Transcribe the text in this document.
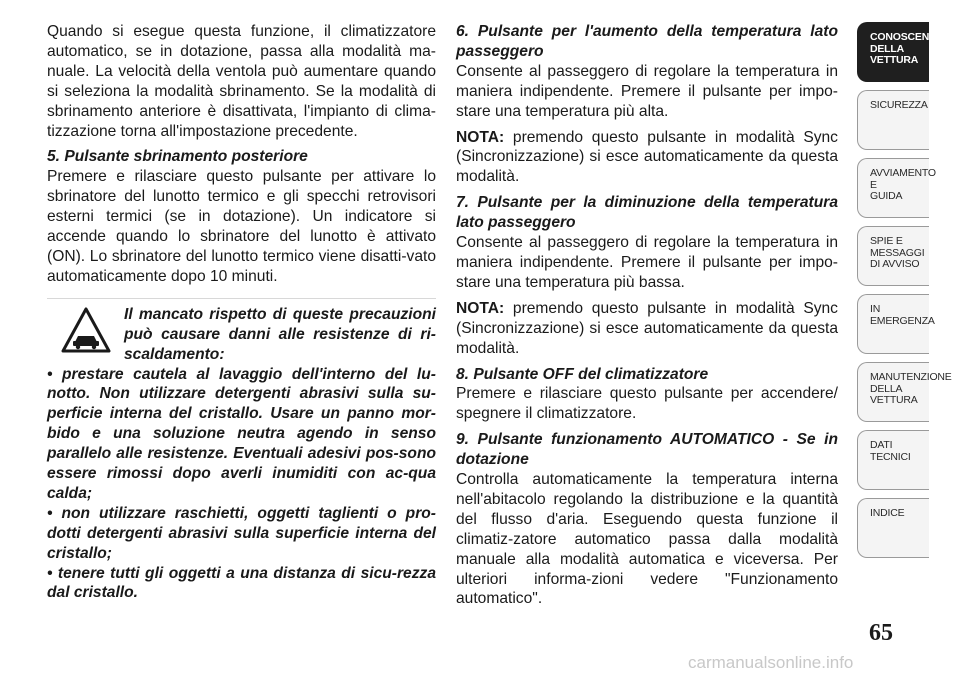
Quando si esegue questa funzione, il climatizzatore automatico, se in dotazione, passa alla modalità ma-nuale. La velocità della ventola può aumentare quando si seleziona la modalità sbrinamento. Se la modalità di sbrinamento anteriore è disattivata, l'impianto di clima-tizzazione torna all'impostazione precedente.

5. Pulsante sbrinamento posteriore

Premere e rilasciare questo pulsante per attivare lo sbrinatore del lunotto termico e gli specchi retrovisori esterni termici (se in dotazione). Un indicatore si accende quando lo sbrinatore del lunotto è attivato (ON). Lo sbrinatore del lunotto termico viene disatti-vato automaticamente dopo 10 minuti.

Il mancato rispetto di queste precauzioni può causare danni alle resistenze di ri-scaldamento:

• prestare cautela al lavaggio dell'interno del lu-notto. Non utilizzare detergenti abrasivi sulla su-perficie interna del cristallo. Usare un panno mor-bido e una soluzione neutra agendo in senso parallelo alle resistenze. Eventuali adesivi pos-sono essere rimossi dopo averli inumiditi con ac-qua calda;

• non utilizzare raschietti, oggetti taglienti o pro-dotti detergenti abrasivi sulla superficie interna del cristallo;

• tenere tutti gli oggetti a una distanza di sicu-rezza dal cristallo.

6. Pulsante per l'aumento della temperatura lato passeggero

Consente al passeggero di regolare la temperatura in maniera indipendente. Premere il pulsante per impo-stare una temperatura più alta.

NOTA: premendo questo pulsante in modalità Sync (Sincronizzazione) si esce automaticamente da questa modalità.

7. Pulsante per la diminuzione della temperatura lato passeggero

Consente al passeggero di regolare la temperatura in maniera indipendente. Premere il pulsante per impo-stare una temperatura più bassa.

NOTA: premendo questo pulsante in modalità Sync (Sincronizzazione) si esce automaticamente da questa modalità.

8. Pulsante OFF del climatizzatore

Premere e rilasciare questo pulsante per accendere/ spegnere il climatizzatore.

9. Pulsante funzionamento AUTOMATICO - Se in dotazione

Controlla automaticamente la temperatura interna nell'abitacolo regolando la distribuzione e la quantità del flusso d'aria. Eseguendo questa funzione il climatiz-zatore automatico passa dalla modalità manuale alla modalità automatica e viceversa. Per ulteriori informa-zioni vedere "Funzionamento automatico".

CONOSCENZA
DELLA
VETTURA
SICUREZZA
AVVIAMENTO
E
GUIDA
SPIE E
MESSAGGI
DI AVVISO
IN
EMERGENZA
MANUTENZIONE
DELLA
VETTURA
DATI
TECNICI
INDICE
65
carmanualsonline.info
